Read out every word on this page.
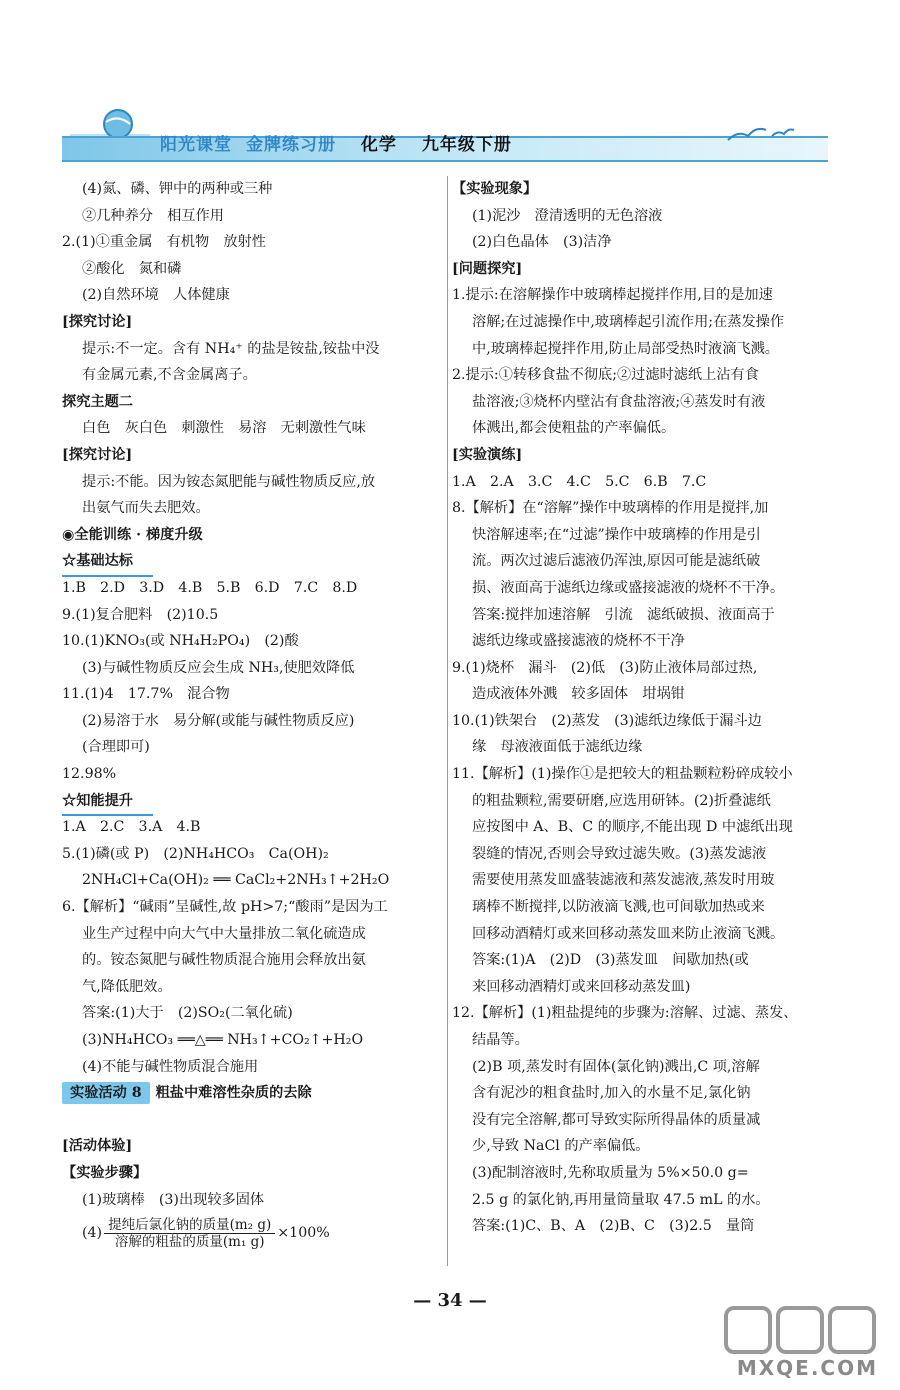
阳光课堂 金牌练习册 化学 九年级下册
(4)氮、磷、钾中的两种或三种
②几种养分　相互作用
2.(1)①重金属　有机物　放射性
②酸化　氮和磷
(2)自然环境　人体健康
[探究讨论]
提示:不一定。含有 NH₄⁺ 的盐是铵盐,铵盐中没
有金属元素,不含金属离子。
探究主题二
白色　灰白色　刺激性　易溶　无刺激性气味
[探究讨论]
提示:不能。因为铵态氮肥能与碱性物质反应,放
出氨气而失去肥效。
◉全能训练 · 梯度升级
☆基础达标
1.B　2.D　3.D　4.B　5.B　6.D　7.C　8.D
9.(1)复合肥料　(2)10.5
10.(1)KNO₃(或 NH₄H₂PO₄)　(2)酸
(3)与碱性物质反应会生成 NH₃,使肥效降低
11.(1)4　17.7%　混合物
(2)易溶于水　易分解(或能与碱性物质反应)
(合理即可)
12.98%
☆知能提升
1.A　2.C　3.A　4.B
5.(1)磷(或 P)　(2)NH₄HCO₃　Ca(OH)₂
2NH₄Cl+Ca(OH)₂ ══ CaCl₂+2NH₃↑+2H₂O
6.【解析】“碱雨”呈碱性,故 pH>7;“酸雨”是因为工
业生产过程中向大气中大量排放二氧化硫造成
的。铵态氮肥与碱性物质混合施用会释放出氨
气,降低肥效。
答案:(1)大于　(2)SO₂(二氧化硫)
(3)NH₄HCO₃ ══△══ NH₃↑+CO₂↑+H₂O
(4)不能与碱性物质混合施用
实验活动 8 粗盐中难溶性杂质的去除
[活动体验]
【实验步骤】
(1)玻璃棒　(3)出现较多固体
$(4) \frac{\text{提纯后氯化钠的质量(m₂ g)}}{\text{溶解的粗盐的质量(m₁ g)}} \times 100\%$
【实验现象】
(1)泥沙　澄清透明的无色溶液
(2)白色晶体　(3)洁净
[问题探究]
1.提示:在溶解操作中玻璃棒起搅拌作用,目的是加速
溶解;在过滤操作中,玻璃棒起引流作用;在蒸发操作
中,玻璃棒起搅拌作用,防止局部受热时液滴飞溅。
2.提示:①转移食盐不彻底;②过滤时滤纸上沾有食
盐溶液;③烧杯内壁沾有食盐溶液;④蒸发时有液
体溅出,都会使粗盐的产率偏低。
[实验演练]
1.A　2.A　3.C　4.C　5.C　6.B　7.C
8.【解析】在“溶解”操作中玻璃棒的作用是搅拌,加
快溶解速率;在“过滤”操作中玻璃棒的作用是引
流。两次过滤后滤液仍浑浊,原因可能是滤纸破
损、液面高于滤纸边缘或盛接滤液的烧杯不干净。
答案:搅拌加速溶解　引流　滤纸破损、液面高于
滤纸边缘或盛接滤液的烧杯不干净
9.(1)烧杯　漏斗　(2)低　(3)防止液体局部过热,
造成液体外溅　较多固体　坩埚钳
10.(1)铁架台　(2)蒸发　(3)滤纸边缘低于漏斗边
缘　母液液面低于滤纸边缘
11.【解析】(1)操作①是把较大的粗盐颗粒粉碎成较小
的粗盐颗粒,需要研磨,应选用研钵。(2)折叠滤纸
应按图中 A、B、C 的顺序,不能出现 D 中滤纸出现
裂缝的情况,否则会导致过滤失败。(3)蒸发滤液
需要使用蒸发皿盛装滤液和蒸发滤液,蒸发时用玻
璃棒不断搅拌,以防液滴飞溅,也可间歇加热或来
回移动酒精灯或来回移动蒸发皿来防止液滴飞溅。
答案:(1)A　(2)D　(3)蒸发皿　间歇加热(或
来回移动酒精灯或来回移动蒸发皿)
12.【解析】(1)粗盐提纯的步骤为:溶解、过滤、蒸发、
结晶等。
(2)B 项,蒸发时有固体(氯化钠)溅出,C 项,溶解
含有泥沙的粗食盐时,加入的水量不足,氯化钠
没有完全溶解,都可导致实际所得晶体的质量减
少,导致 NaCl 的产率偏低。
(3)配制溶液时,先称取质量为 5%×50.0 g=
2.5 g 的氯化钠,再用量筒量取 47.5 mL 的水。
答案:(1)C、B、A　(2)B、C　(3)2.5　量筒
— 34 —
MXQE.COM
